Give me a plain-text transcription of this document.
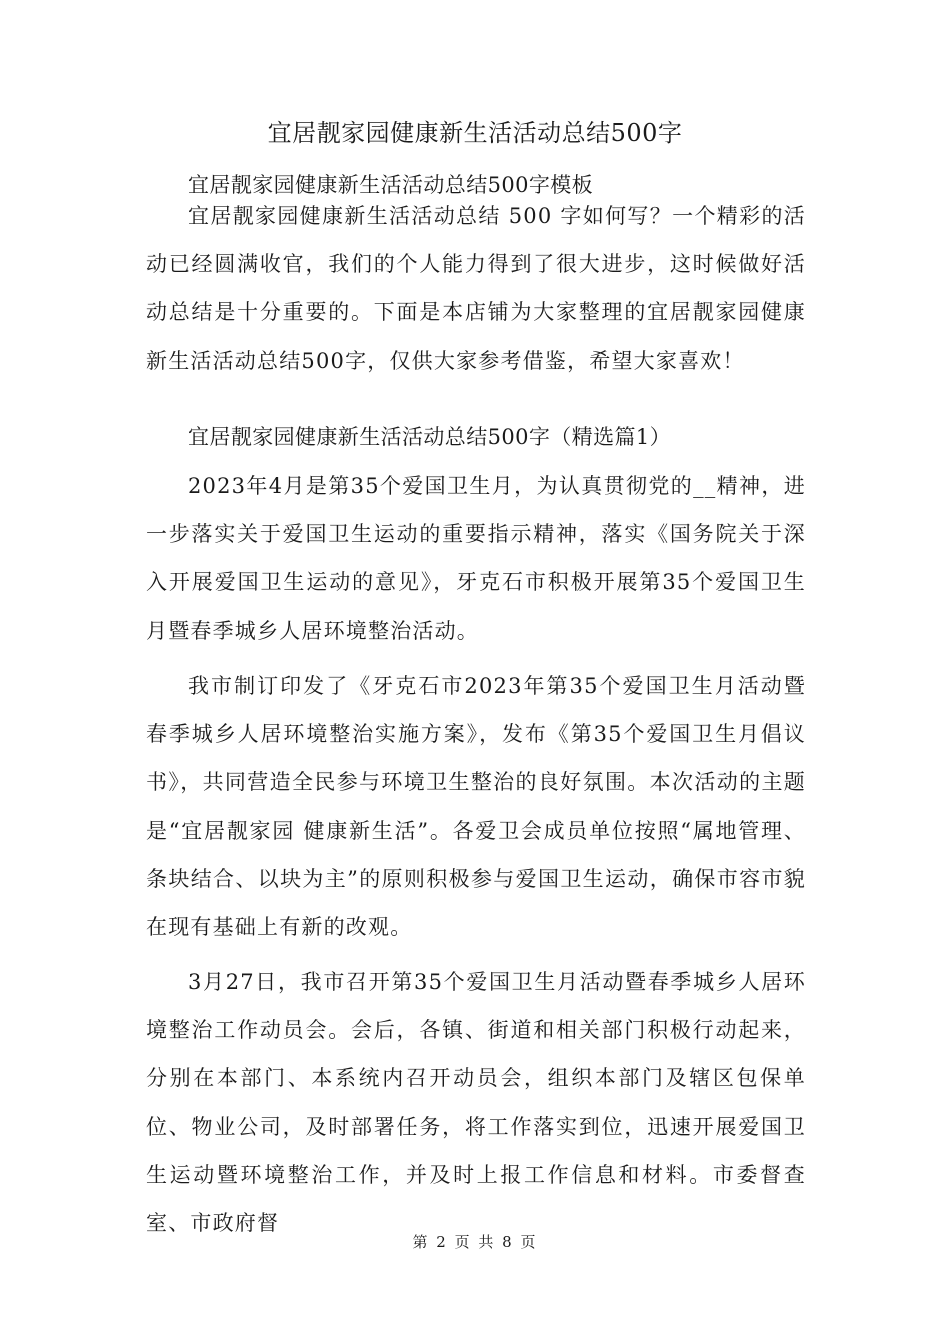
宜居靓家园健康新生活活动总结500字
宜居靓家园健康新生活活动总结500字模板

宜居靓家园健康新生活活动总结 500 字如何写？一个精彩的活动已经圆满收官，我们的个人能力得到了很大进步，这时候做好活动总结是十分重要的。下面是本店铺为大家整理的宜居靓家园健康新生活活动总结500字，仅供大家参考借鉴，希望大家喜欢！

宜居靓家园健康新生活活动总结500字（精选篇1）

2023年4月是第35个爱国卫生月，为认真贯彻党的__精神，进一步落实关于爱国卫生运动的重要指示精神，落实《国务院关于深入开展爱国卫生运动的意见》，牙克石市积极开展第35个爱国卫生月暨春季城乡人居环境整治活动。

我市制订印发了《牙克石市2023年第35个爱国卫生月活动暨春季城乡人居环境整治实施方案》，发布《第35个爱国卫生月倡议书》，共同营造全民参与环境卫生整治的良好氛围。本次活动的主题是“宜居靓家园 健康新生活”。各爱卫会成员单位按照“属地管理、条块结合、以块为主”的原则积极参与爱国卫生运动，确保市容市貌在现有基础上有新的改观。

3月27日，我市召开第35个爱国卫生月活动暨春季城乡人居环境整治工作动员会。会后，各镇、街道和相关部门积极行动起来，分别在本部门、本系统内召开动员会，组织本部门及辖区包保单位、物业公司，及时部署任务，将工作落实到位，迅速开展爱国卫生运动暨环境整治工作，并及时上报工作信息和材料。市委督查室、市政府督

第 2 页 共 8 页
